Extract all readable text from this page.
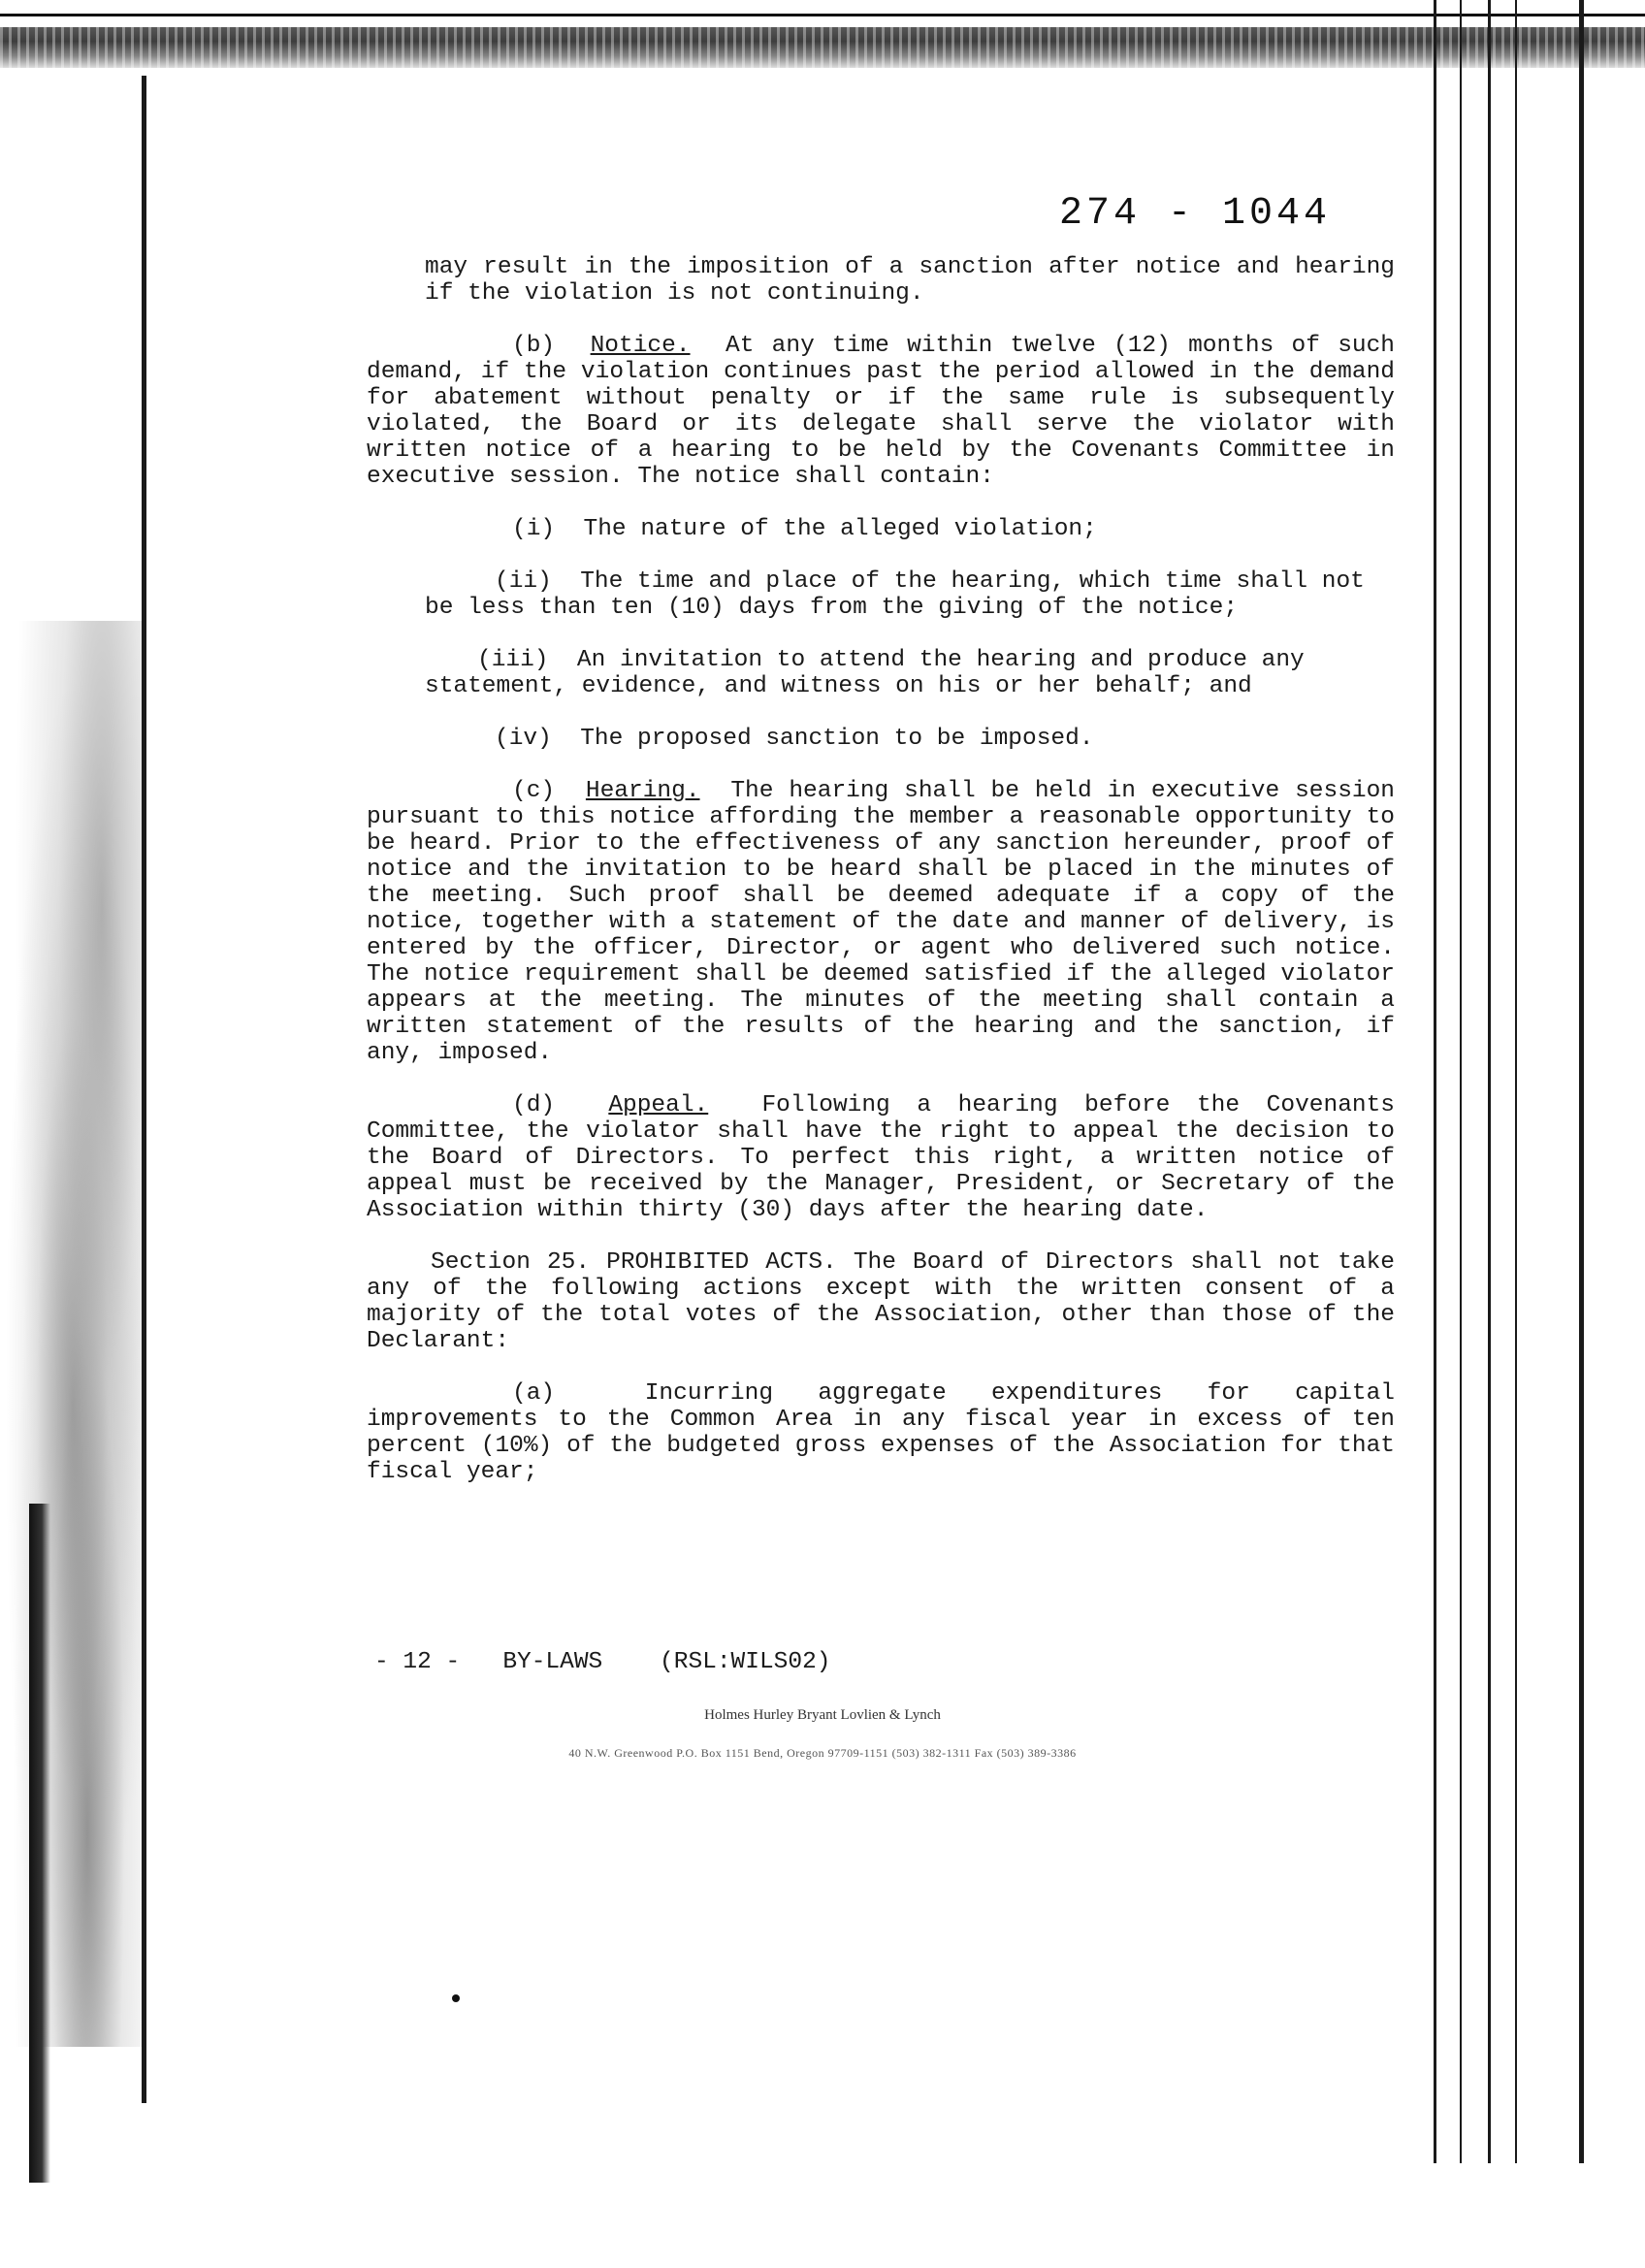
274 - 1044

may result in the imposition of a sanction after notice and hearing if the violation is not continuing.

(b) Notice. At any time within twelve (12) months of such demand, if the violation continues past the period allowed in the demand for abatement without penalty or if the same rule is subsequently violated, the Board or its delegate shall serve the violator with written notice of a hearing to be held by the Covenants Committee in executive session. The notice shall contain:

(i) The nature of the alleged violation;

(ii) The time and place of the hearing, which time shall not be less than ten (10) days from the giving of the notice;

(iii) An invitation to attend the hearing and produce any statement, evidence, and witness on his or her behalf; and

(iv) The proposed sanction to be imposed.

(c) Hearing. The hearing shall be held in executive session pursuant to this notice affording the member a reasonable opportunity to be heard. Prior to the effectiveness of any sanction hereunder, proof of notice and the invitation to be heard shall be placed in the minutes of the meeting. Such proof shall be deemed adequate if a copy of the notice, together with a statement of the date and manner of delivery, is entered by the officer, Director, or agent who delivered such notice. The notice requirement shall be deemed satisfied if the alleged violator appears at the meeting. The minutes of the meeting shall contain a written statement of the results of the hearing and the sanction, if any, imposed.

(d) Appeal. Following a hearing before the Covenants Committee, the violator shall have the right to appeal the decision to the Board of Directors. To perfect this right, a written notice of appeal must be received by the Manager, President, or Secretary of the Association within thirty (30) days after the hearing date.

Section 25. PROHIBITED ACTS. The Board of Directors shall not take any of the following actions except with the written consent of a majority of the total votes of the Association, other than those of the Declarant:

(a)	Incurring aggregate expenditures for capital improvements to the Common Area in any fiscal year in excess of ten percent (10%) of the budgeted gross expenses of the Association for that fiscal year;

- 12 -   BY-LAWS    (RSL:WILS02)
Holmes Hurley Bryant Lovlien & Lynch
40 N.W. Greenwood P.O. Box 1151 Bend, Oregon 97709-1151 (503) 382-1311 Fax (503) 389-3386
